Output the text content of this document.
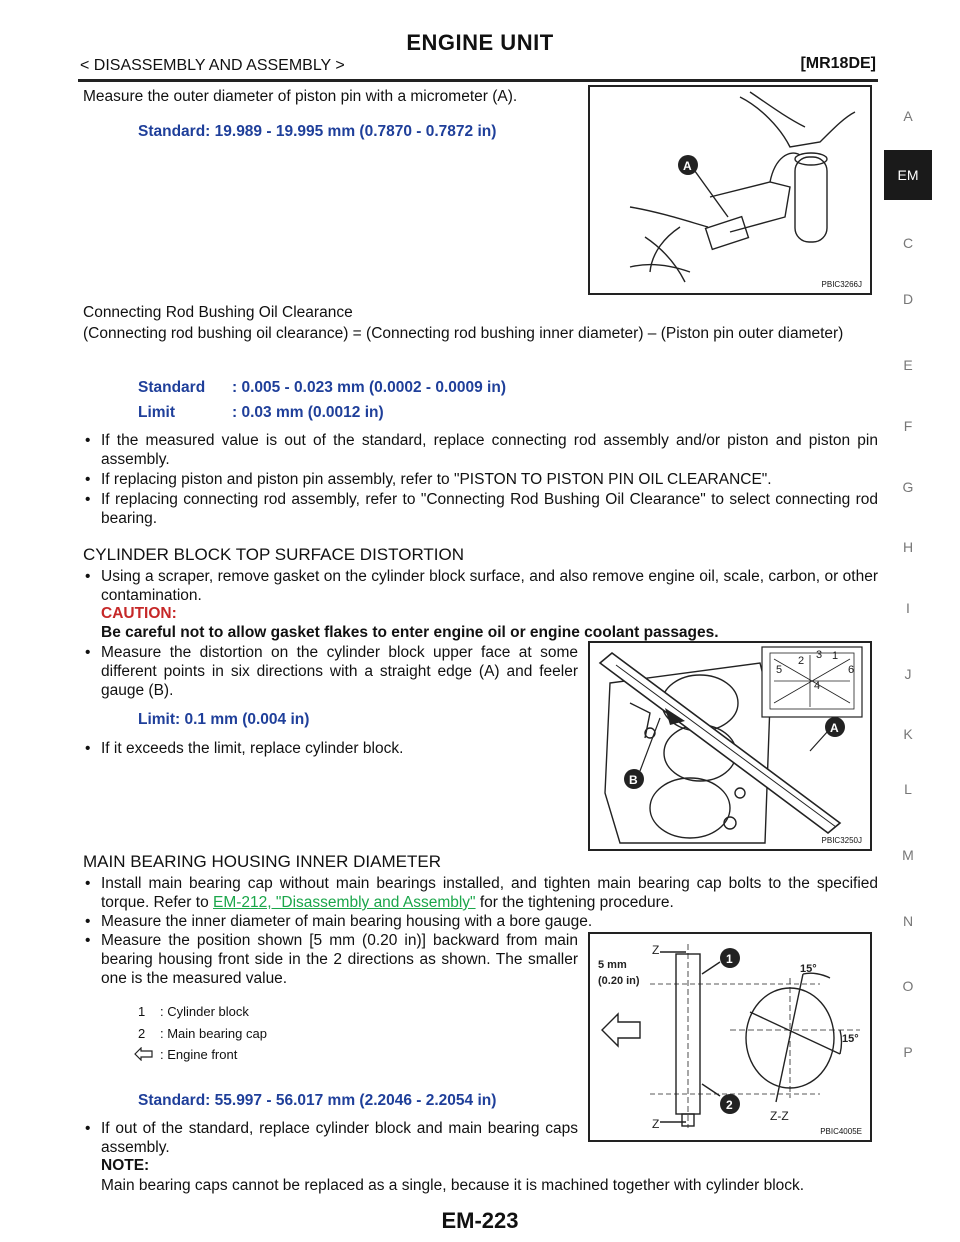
ENGINE UNIT
< DISASSEMBLY AND ASSEMBLY >	[MR18DE]
A
EM
C
D
E
F
G
H
I
J
K
L
M
N
O
P
Measure the outer diameter of piston pin with a micrometer (A).
Standard: 19.989 - 19.995 mm (0.7870 - 0.7872 in)
A
PBIC3266J
Connecting Rod Bushing Oil Clearance
(Connecting rod bushing oil clearance) = (Connecting rod bushing inner diameter) – (Piston pin outer diameter)
Standard : 0.005 - 0.023 mm (0.0002 - 0.0009 in)
Limit	: 0.03 mm (0.0012 in)
• If the measured value is out of the standard, replace connecting rod assembly and/or piston and piston pin assembly.
• If replacing piston and piston pin assembly, refer to "PISTON TO PISTON PIN OIL CLEARANCE".
• If replacing connecting rod assembly, refer to "Connecting Rod Bushing Oil Clearance" to select connecting rod bearing.
CYLINDER BLOCK TOP SURFACE DISTORTION
• Using a scraper, remove gasket on the cylinder block surface, and also remove engine oil, scale, carbon, or other contamination.
CAUTION:
Be careful not to allow gasket flakes to enter engine oil or engine coolant passages.
• Measure the distortion on the cylinder block upper face at some different points in six directions with a straight edge (A) and feeler gauge (B).
Limit: 0.1 mm (0.004 in)
• If it exceeds the limit, replace cylinder block.
1
2 3
4
5	6
A
B
PBIC3250J
MAIN BEARING HOUSING INNER DIAMETER
• Install main bearing cap without main bearings installed, and tighten main bearing cap bolts to the specified torque. Refer to EM-212, "Disassembly and Assembly" for the tightening procedure.
• Measure the inner diameter of main bearing housing with a bore gauge.
• Measure the position shown [5 mm (0.20 in)] backward from main bearing housing front side in the 2 directions as shown. The smaller one is the measured value.
1 : Cylinder block
2 : Main bearing cap
: Engine front
Standard: 55.997 - 56.017 mm (2.2046 - 2.2054 in)
• If out of the standard, replace cylinder block and main bearing caps assembly.
NOTE:
Main bearing caps cannot be replaced as a single, because it is machined together with cylinder block.
5 mm
(0.20 in)
Z
Z
15°
15°
Z-Z
1
2
PBIC4005E
EM-223
